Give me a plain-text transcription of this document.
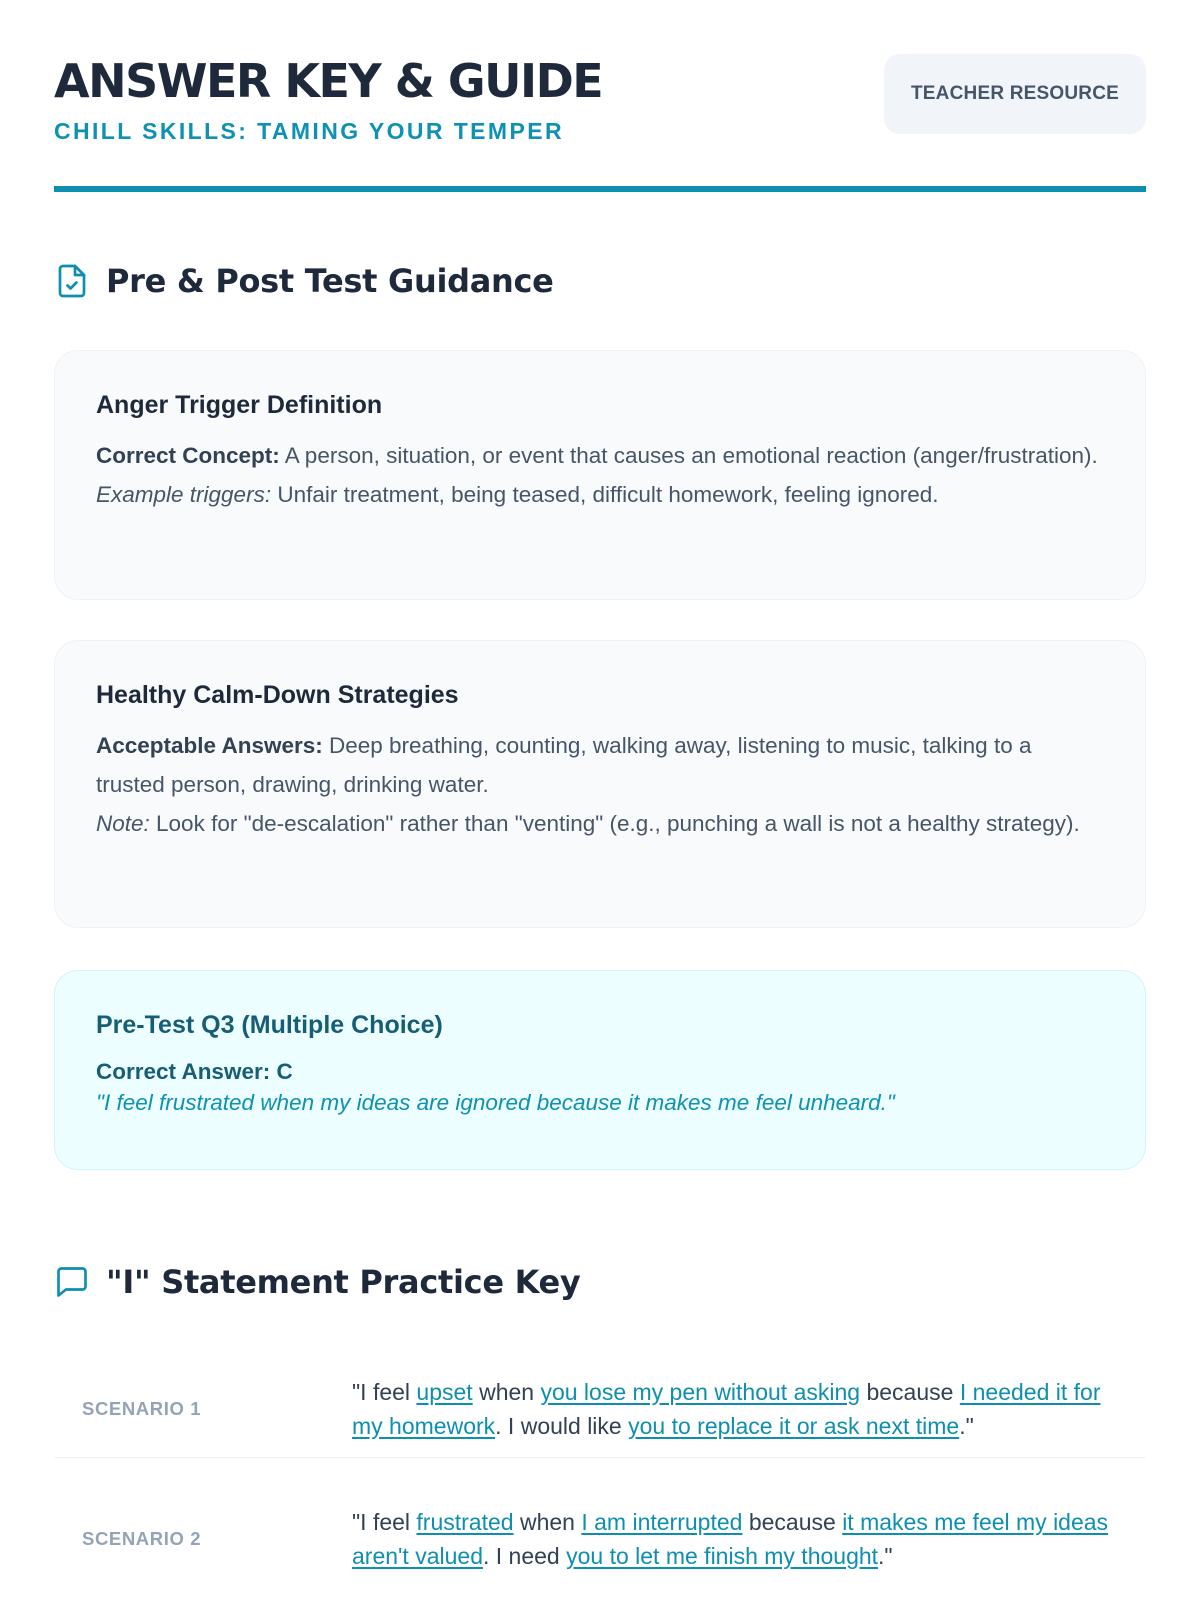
ANSWER KEY & GUIDE
CHILL SKILLS: TAMING YOUR TEMPER
TEACHER RESOURCE
Pre & Post Test Guidance
Anger Trigger Definition

Correct Concept: A person, situation, or event that causes an emotional reaction (anger/frustration).
Example triggers: Unfair treatment, being teased, difficult homework, feeling ignored.

Healthy Calm-Down Strategies

Acceptable Answers: Deep breathing, counting, walking away, listening to music, talking to a trusted person, drawing, drinking water.
Note: Look for "de-escalation" rather than "venting" (e.g., punching a wall is not a healthy strategy).

Pre-Test Q3 (Multiple Choice)
Correct Answer: C
"I feel frustrated when my ideas are ignored because it makes me feel unheard."
"I" Statement Practice Key
SCENARIO 1
"I feel upset when you lose my pen without asking because I needed it for my homework. I would like you to replace it or ask next time."
SCENARIO 2
"I feel frustrated when I am interrupted because it makes me feel my ideas aren't valued. I need you to let me finish my thought."
